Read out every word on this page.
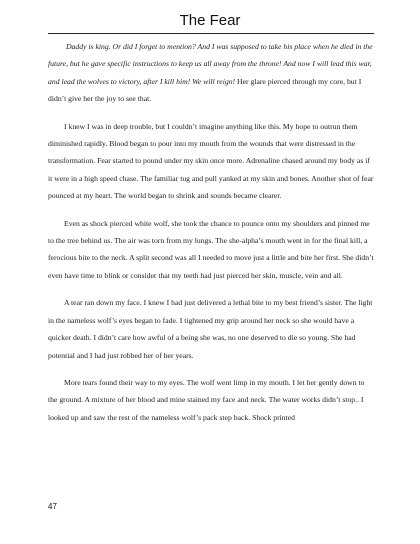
The Fear

Daddy is king. Or did I forget to mention? And I was supposed to take his place when he died in the future, but he gave specific instructions to keep us all away from the throne! And now I will lead this war, and lead the wolves to victory, after I kill him! We will reign! Her glare pierced through my core, but I didn’t give her the joy to see that.

I knew I was in deep trouble, but I couldn’t imagine anything like this. My hope to outrun them diminished rapidly. Blood began to pour into my mouth from the wounds that were distressed in the transformation. Fear started to pound under my skin once more. Adrenaline chased around my body as if it were in a high speed chase. The familiar tug and pull yanked at my skin and bones. Another shot of fear pounced at my heart. The world began to shrink and sounds became clearer.

Even as shock pierced white wolf, she took the chance to pounce onto my shoulders and pinned me to the tree behind us. The air was torn from my lungs. The she-alpha’s mouth went in for the final kill, a ferocious bite to the neck. A split second was all I needed to move just a little and bite her first. She didn’t even have time to blink or consider that my teeth had just pierced her skin, muscle, vein and all.

A tear ran down my face. I knew I had just delivered a lethal bite to my best friend’s sister. The light in the nameless wolf’s eyes began to fade. I tightened my grip around her neck so she would have a quicker death. I didn’t care how awful of a being she was, no one deserved to die so young. She had potential and I had just robbed her of her years.

More tears found their way to my eyes. The wolf went limp in my mouth. I let her gently down to the ground. A mixture of her blood and mine stained my face and neck. The water works didn’t stop.. I looked up and saw the rest of the nameless wolf’s pack step back. Shock printed

47
